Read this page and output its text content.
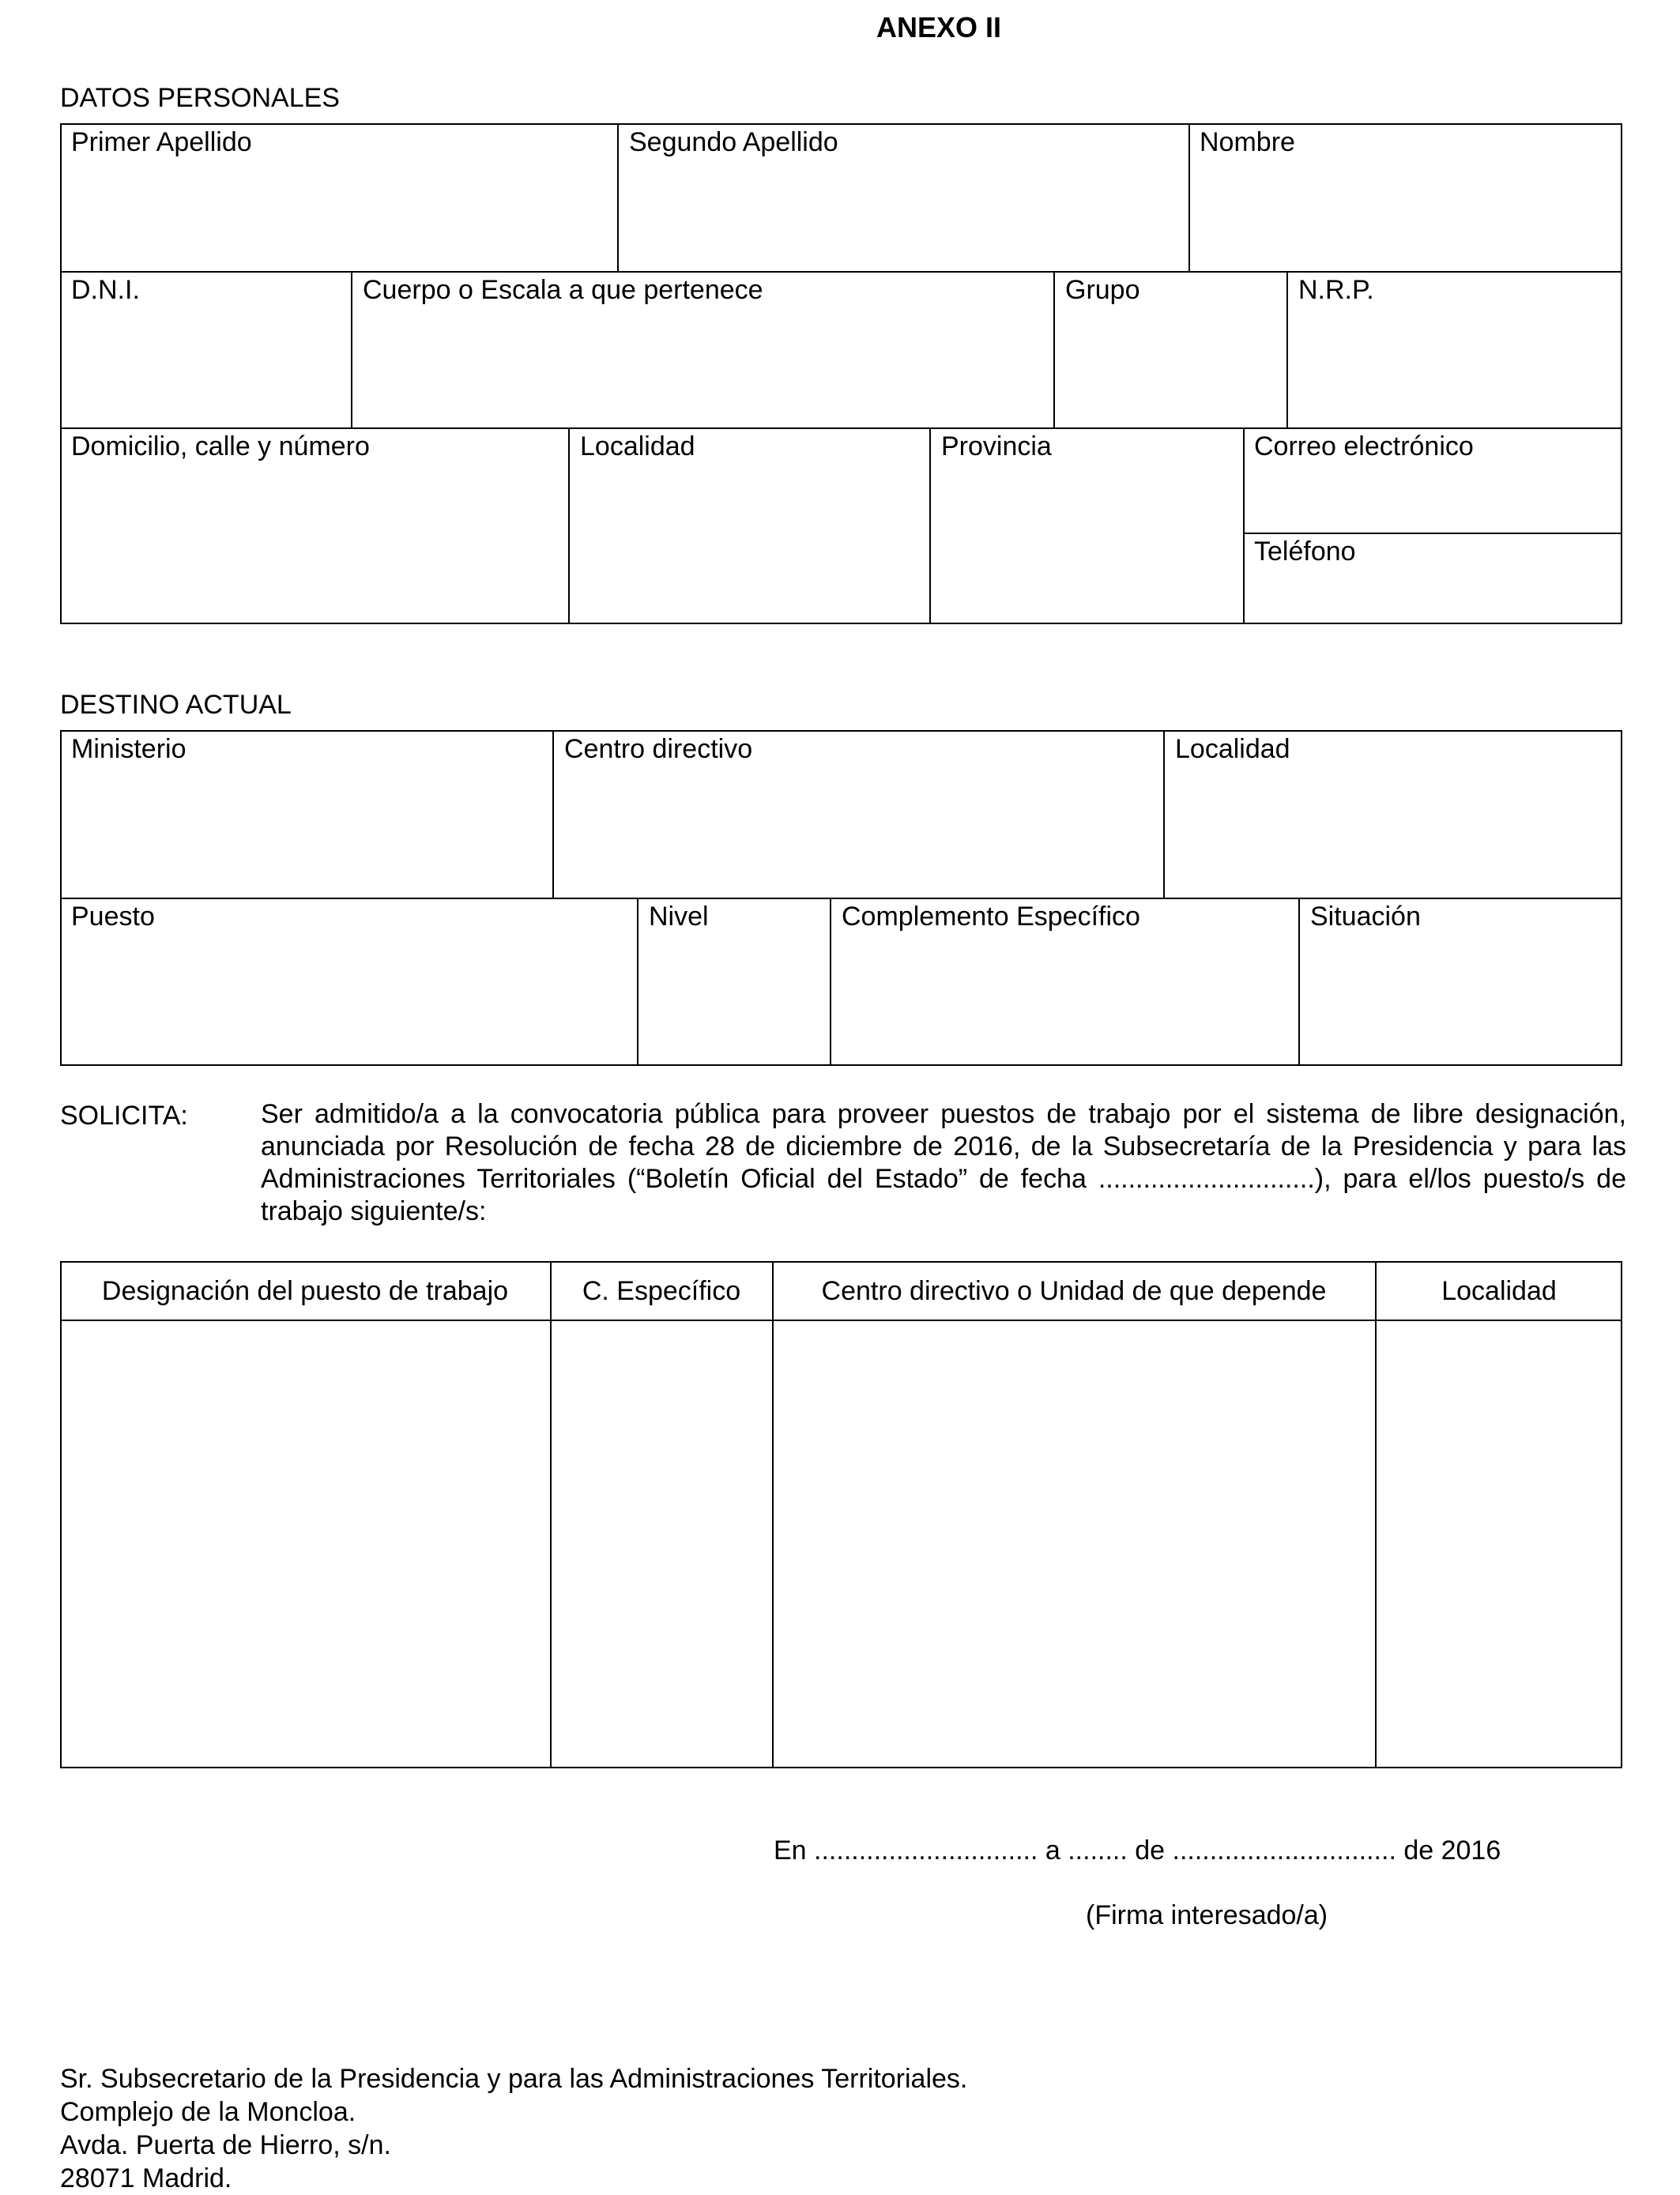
ANEXO II
DATOS PERSONALES
Primer Apellido	Segundo Apellido	Nombre
D.N.I.	Cuerpo o Escala a que pertenece	Grupo	N.R.P.
Domicilio, calle y número	Localidad	Provincia	Correo electrónico
Teléfono
DESTINO ACTUAL
Ministerio	Centro directivo	Localidad
Puesto	Nivel	Complemento Específico	Situación
SOLICITA:	Ser admitido/a a la convocatoria pública para proveer puestos de trabajo por el sistema de libre designación, anunciada por Resolución de fecha 28 de diciembre de 2016, de la Subsecretaría de la Presidencia y para las Administraciones Territoriales (“Boletín Oficial del Estado” de fecha .............................), para el/los puesto/s de trabajo siguiente/s:
Designación del puesto de trabajo	C. Específico	Centro directivo o Unidad de que depende	Localidad
En .............................. a ........ de .............................. de 2016
(Firma interesado/a)
Sr. Subsecretario de la Presidencia y para las Administraciones Territoriales.
Complejo de la Moncloa.
Avda. Puerta de Hierro, s/n.
28071 Madrid.
